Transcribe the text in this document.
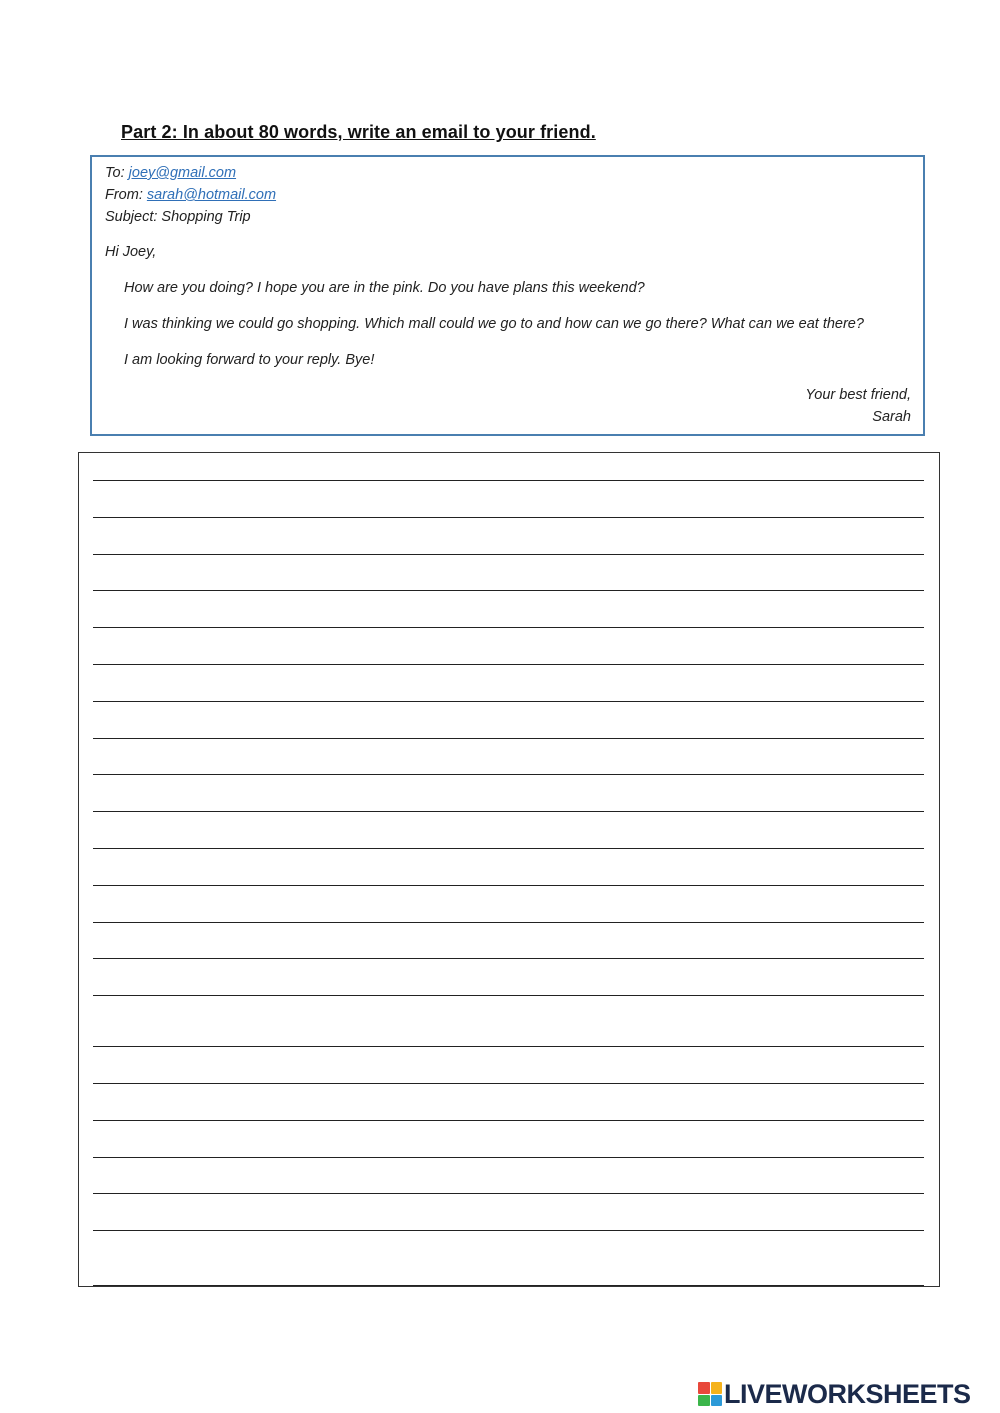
Part 2: In about 80 words, write an email to your friend.
To: joey@gmail.com
From: sarah@hotmail.com
Subject: Shopping Trip
Hi Joey,
How are you doing? I hope you are in the pink. Do you have plans this weekend?
I was thinking we could go shopping. Which mall could we go to and how can we go there? What can we eat there?
I am looking forward to your reply. Bye!
Your best friend,
Sarah
LIVEWORKSHEETS
